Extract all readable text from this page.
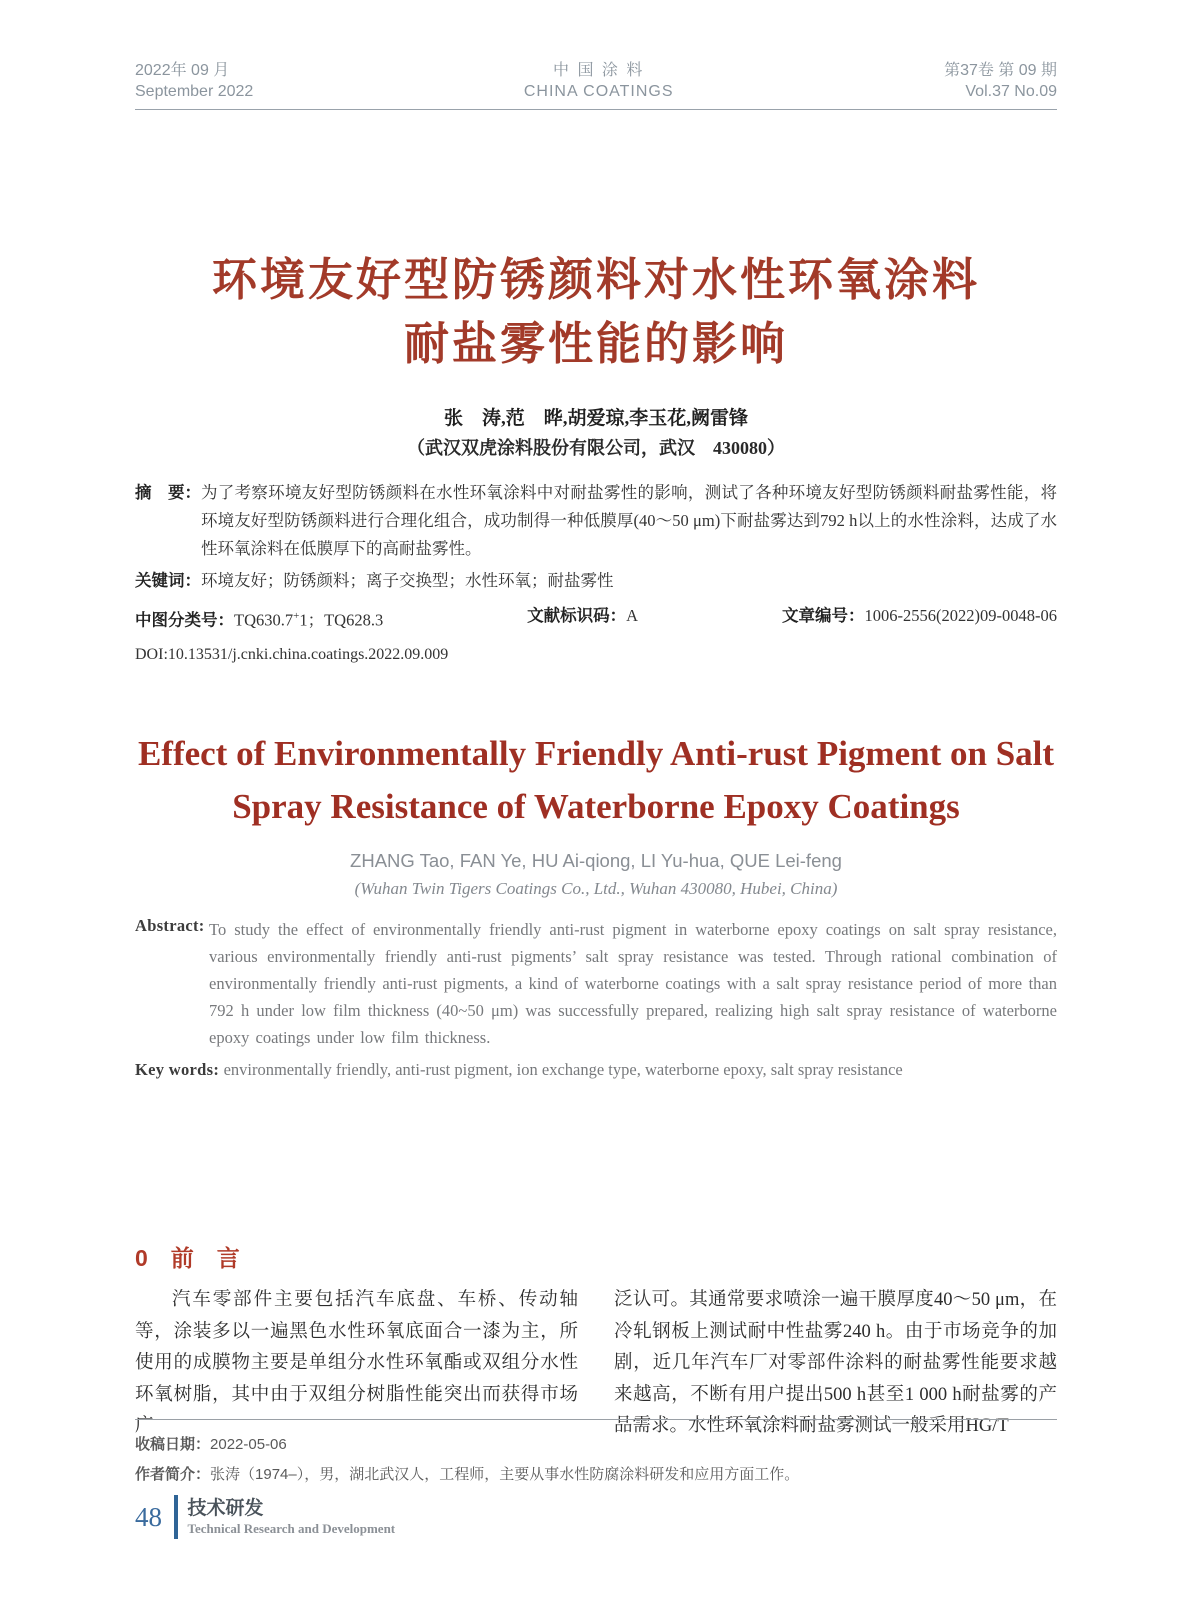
2022年 09 月
September 2022
中 国 涂 料
CHINA COATINGS
第37卷 第 09 期
Vol.37 No.09
环境友好型防锈颜料对水性环氧涂料
耐盐雾性能的影响
张　涛,范　晔,胡爱琼,李玉花,阙雷锋
（武汉双虎涂料股份有限公司，武汉　430080）
摘　要： 为了考察环境友好型防锈颜料在水性环氧涂料中对耐盐雾性的影响，测试了各种环境友好型防锈颜料耐盐雾性能，将环境友好型防锈颜料进行合理化组合，成功制得一种低膜厚(40～50 μm)下耐盐雾达到792 h以上的水性涂料，达成了水性环氧涂料在低膜厚下的高耐盐雾性。
关键词：环境友好；防锈颜料；离子交换型；水性环氧；耐盐雾性
中图分类号：TQ630.7+1；TQ628.3	文献标识码：A	文章编号：1006-2556(2022)09-0048-06
DOI:10.13531/j.cnki.china.coatings.2022.09.009
Effect of Environmentally Friendly Anti-rust Pigment on Salt
Spray Resistance of Waterborne Epoxy Coatings
ZHANG Tao, FAN Ye, HU Ai-qiong, LI Yu-hua, QUE Lei-feng
(Wuhan Twin Tigers Coatings Co., Ltd., Wuhan 430080, Hubei, China)
Abstract: To study the effect of environmentally friendly anti-rust pigment in waterborne epoxy coatings on salt spray resistance, various environmentally friendly anti-rust pigments’ salt spray resistance was tested. Through rational combination of environmentally friendly anti-rust pigments, a kind of waterborne coatings with a salt spray resistance period of more than 792 h under low film thickness (40~50 μm) was successfully prepared, realizing high salt spray resistance of waterborne epoxy coatings under low film thickness.
Key words: environmentally friendly, anti-rust pigment, ion exchange type, waterborne epoxy, salt spray resistance
0　前　言

汽车零部件主要包括汽车底盘、车桥、传动轴等，涂装多以一遍黑色水性环氧底面合一漆为主，所使用的成膜物主要是单组分水性环氧酯或双组分水性环氧树脂，其中由于双组分树脂性能突出而获得市场广

泛认可。其通常要求喷涂一遍干膜厚度40～50 μm，在冷轧钢板上测试耐中性盐雾240 h。由于市场竞争的加剧，近几年汽车厂对零部件涂料的耐盐雾性能要求越来越高，不断有用户提出500 h甚至1 000 h耐盐雾的产品需求。水性环氧涂料耐盐雾测试一般采用HG/T

收稿日期：2022-05-06
作者简介：张涛（1974–），男，湖北武汉人，工程师，主要从事水性防腐涂料研发和应用方面工作。
48 技术研发
Technical Research and Development
